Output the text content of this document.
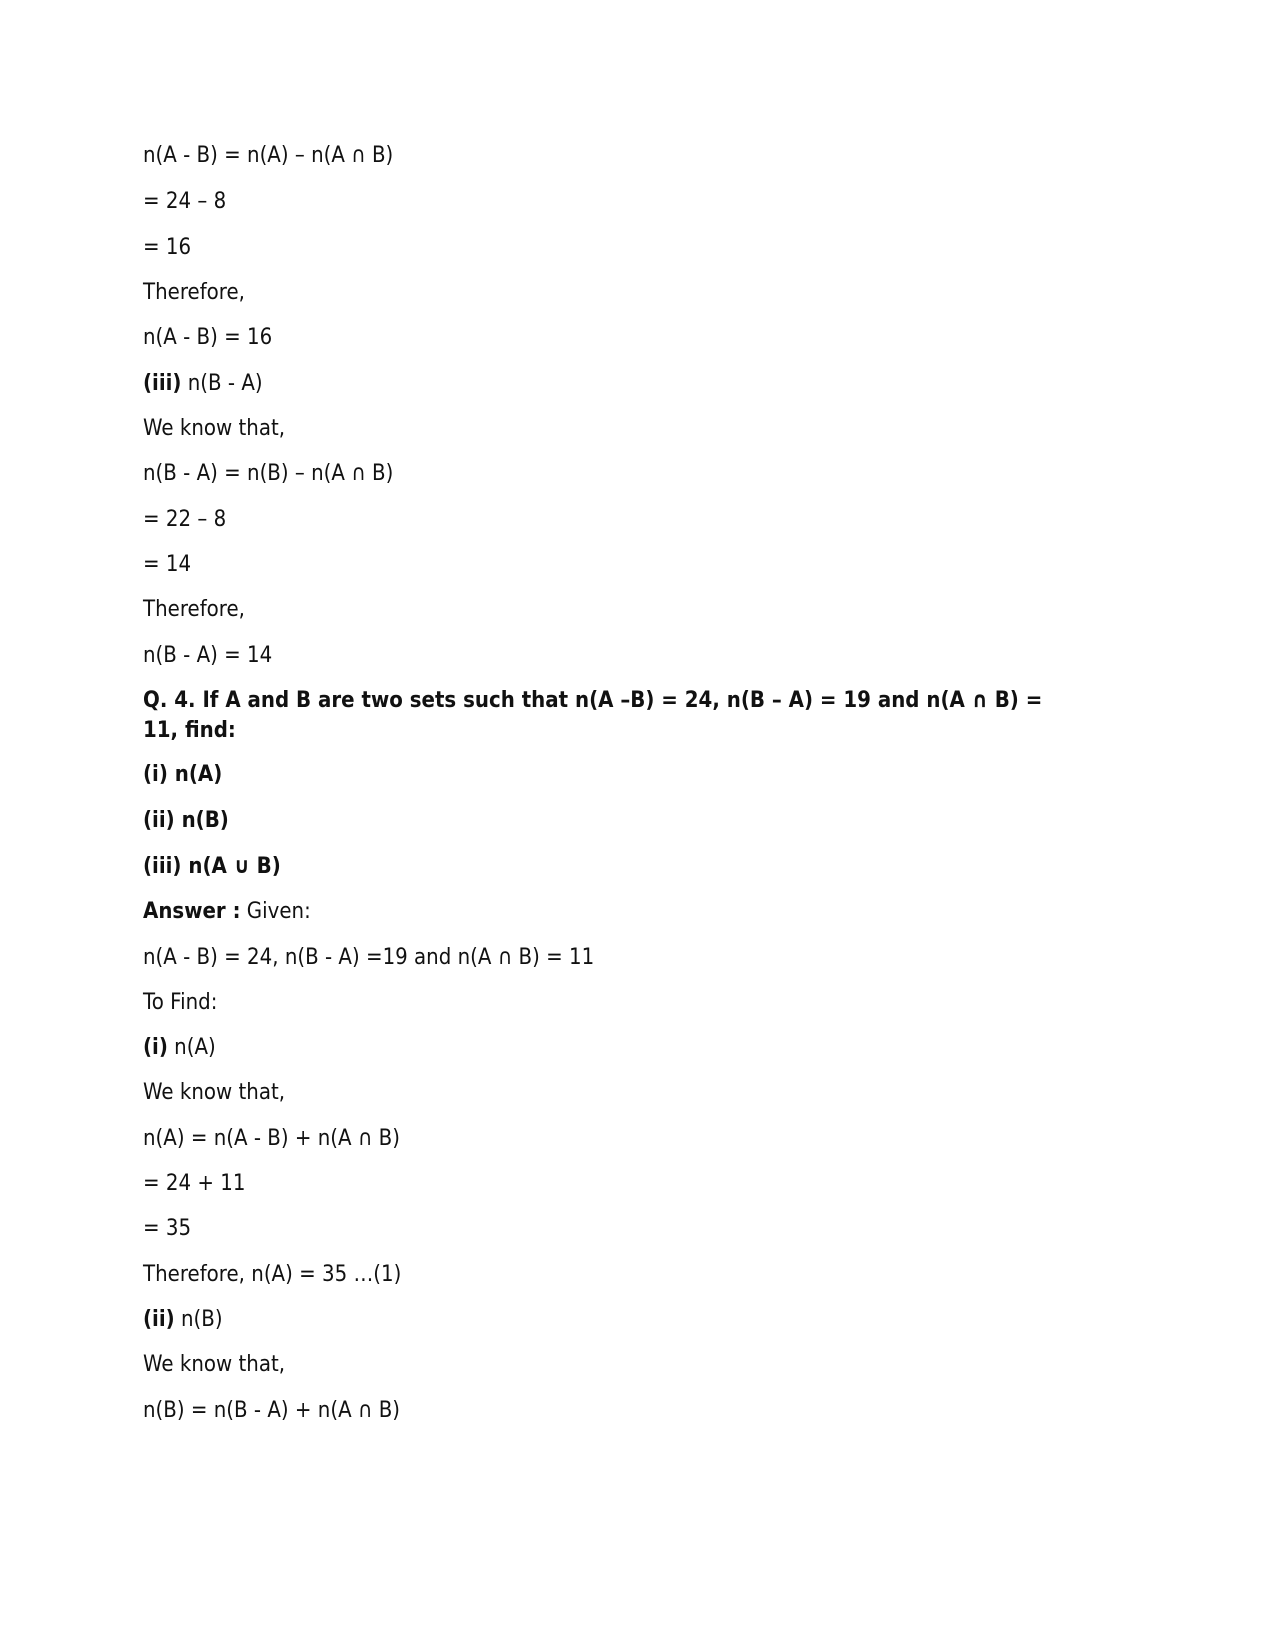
n(A - B) = n(A) – n(A ∩ B)
= 24 – 8
= 16
Therefore,
n(A - B) = 16
(iii) n(B - A)
We know that,
n(B - A) = n(B) – n(A ∩ B)
= 22 – 8
= 14
Therefore,
n(B - A) = 14
Q. 4. If A and B are two sets such that n(A –B) = 24, n(B – A) = 19 and n(A ∩ B) = 11, find:
(i) n(A)
(ii) n(B)
(iii) n(A ∪ B)
Answer : Given:
n(A - B) = 24, n(B - A) =19 and n(A ∩ B) = 11
To Find:
(i) n(A)
We know that,
n(A) = n(A - B) + n(A ∩ B)
= 24 + 11
= 35
Therefore, n(A) = 35 …(1)
(ii) n(B)
We know that,
n(B) = n(B - A) + n(A ∩ B)
